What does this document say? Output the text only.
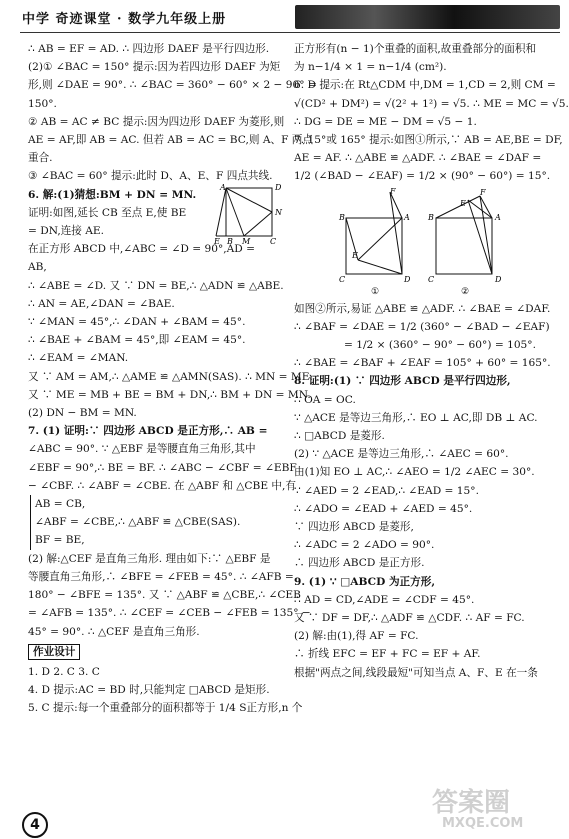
中学 奇迹课堂 · 数学九年级上册

∴ AB = EF = AD. ∴ 四边形 DAEF 是平行四边形.

(2)① ∠BAC = 150° 提示:因为若四边形 DAEF 为矩

形,则 ∠DAE = 90°. ∴ ∠BAC = 360° − 60° × 2 − 90° =

150°.

② AB = AC ≠ BC 提示:因为四边形 DAEF 为菱形,则

AE = AF,即 AB = AC. 但若 AB = AC = BC,则 A、F 两点

重合.

③ ∠BAC = 60° 提示:此时 D、A、E、F 四点共线.

6. 解:(1)猜想:BM + DN = MN.

证明:如图,延长 CB 至点 E,使 BE

= DN,连接 AE.

A	D
N
E B M C

在正方形 ABCD 中,∠ABC = ∠D = 90°,AD =

AB,

∴ ∠ABE = ∠D. 又 ∵ DN = BE,∴ △ADN ≌ △ABE.

∴ AN = AE,∠DAN = ∠BAE.

∵ ∠MAN = 45°,∴ ∠DAN + ∠BAM = 45°.

∴ ∠BAE + ∠BAM = 45°,即 ∠EAM = 45°.

∴ ∠EAM = ∠MAN.

又 ∵ AM = AM,∴ △AME ≌ △AMN(SAS). ∴ MN = ME.

又 ∵ ME = MB + BE = BM + DN,∴ BM + DN = MN.

(2) DN − BM = MN.

7. (1) 证明:∵ 四边形 ABCD 是正方形,∴ AB =

∠ABC = 90°. ∵ △EBF 是等腰直角三角形,其中

∠EBF = 90°,∴ BE = BF. ∴ ∠ABC − ∠CBF = ∠EBF

− ∠CBF. ∴ ∠ABF = ∠CBE. 在 △ABF 和 △CBE 中,有

AB = CB,

∠ABF = ∠CBE,∴ △ABF ≌ △CBE(SAS).

BF = BE,

(2) 解:△CEF 是直角三角形. 理由如下:∵ △EBF 是

等腰直角三角形,∴ ∠BFE = ∠FEB = 45°. ∴ ∠AFB =

180° − ∠BFE = 135°. 又 ∵ △ABF ≌ △CBE,∴ ∠CEB

= ∠AFB = 135°. ∴ ∠CEF = ∠CEB − ∠FEB = 135° −

45° = 90°. ∴ △CEF 是直角三角形.

作业设计

1. D 2. C 3. C

4. D 提示:AC = BD 时,只能判定 □ABCD 是矩形.

5. C 提示:每一个重叠部分的面积都等于 1/4 S正方形,n 个

正方形有(n − 1)个重叠的面积,故重叠部分的面积和

为 n−1/4 × 1 = n−1/4 (cm²).

6. D 提示:在 Rt△CDM 中,DM = 1,CD = 2,则 CM =

√(CD² + DM²) = √(2² + 1²) = √5. ∴ ME = MC = √5.

∴ DG = DE = ME − DM = √5 − 1.

7. 15°或 165° 提示:如图①所示,∵ AB = AE,BE = DF,

AE = AF. ∴ △ABE ≌ △ADF. ∴ ∠BAE = ∠DAF =

1/2 (∠BAD − ∠EAF) = 1/2 × (90° − 60°) = 15°.

F
B	A
E
C	D
①
F
A
E
B
C	D
②

如图②所示,易证 △ABE ≌ △ADF. ∴ ∠BAE = ∠DAF.

∴ ∠BAF = ∠DAE = 1/2 (360° − ∠BAD − ∠EAF)

= 1/2 × (360° − 90° − 60°) = 105°.

∴ ∠BAE = ∠BAF + ∠EAF = 105° + 60° = 165°.

8. 证明:(1) ∵ 四边形 ABCD 是平行四边形,

∴ OA = OC.

∵ △ACE 是等边三角形,∴ EO ⊥ AC,即 DB ⊥ AC.

∴ □ABCD 是菱形.

(2) ∵ △ACE 是等边三角形,∴ ∠AEC = 60°.

由(1)知 EO ⊥ AC,∴ ∠AEO = 1/2 ∠AEC = 30°.

∵ ∠AED = 2 ∠EAD,∴ ∠EAD = 15°.

∴ ∠ADO = ∠EAD + ∠AED = 45°.

∵ 四边形 ABCD 是菱形,

∴ ∠ADC = 2 ∠ADO = 90°.

∴ 四边形 ABCD 是正方形.

9. (1) ∵ □ABCD 为正方形,

∴ AD = CD,∠ADE = ∠CDF = 45°.

又 ∵ DF = DF,∴ △ADF ≌ △CDF. ∴ AF = FC.

(2) 解:由(1),得 AF = FC.

∴ 折线 EFC = EF + FC = EF + AF.

根据"两点之间,线段最短"可知当点 A、F、E 在一条

4
答案圈
MXQE.COM
